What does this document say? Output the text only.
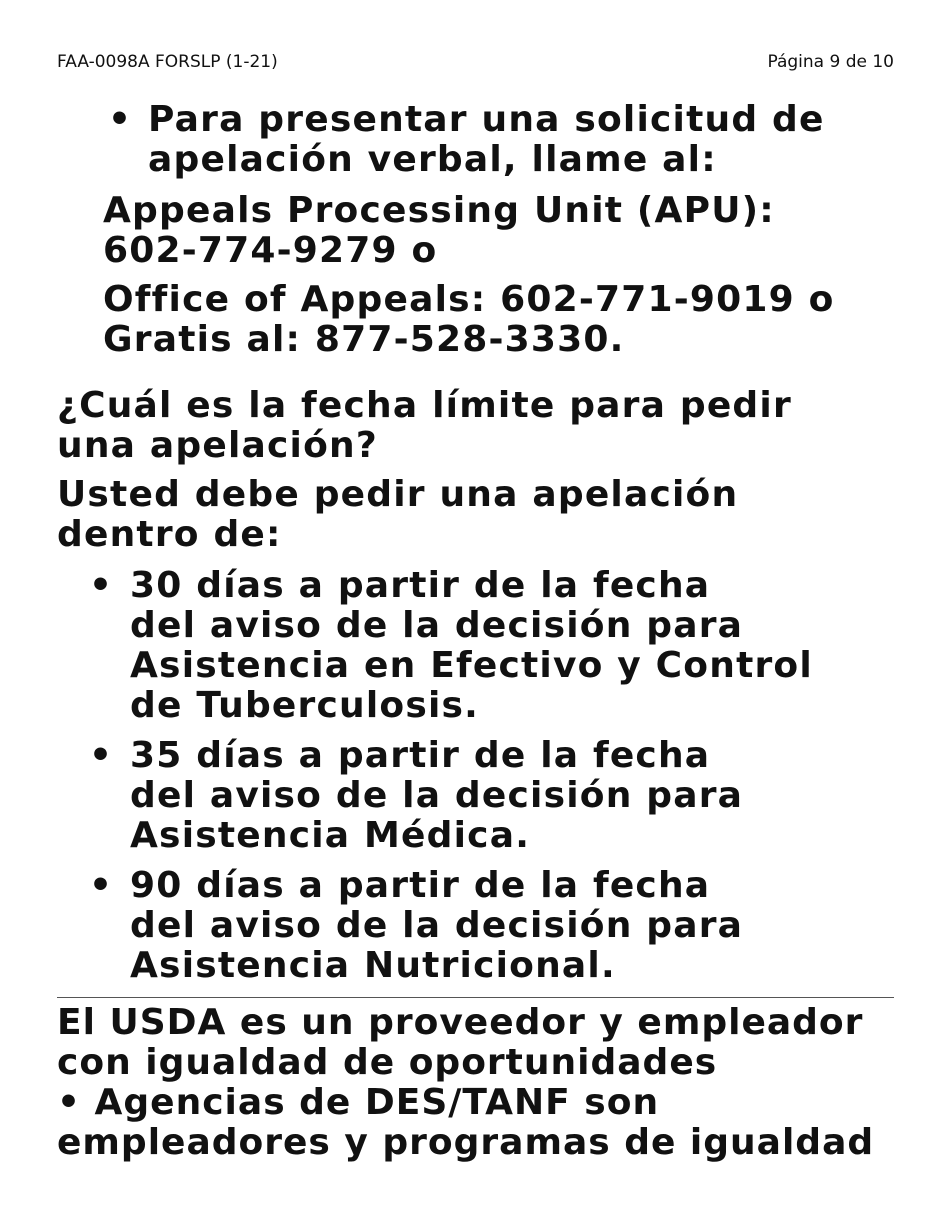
FAA-0098A FORSLP (1-21)	Página 9 de 10
• Para presentar una solicitud de
apelación verbal, llame al:
Appeals Processing Unit (APU):
602-774-9279 o
Office of Appeals: 602-771-9019 o
Gratis al: 877-528-3330.
¿Cuál es la fecha límite para pedir
una apelación?
Usted debe pedir una apelación
dentro de:
• 30 días a partir de la fecha
del aviso de la decisión para
Asistencia en Efectivo y Control
de Tuberculosis.
• 35 días a partir de la fecha
del aviso de la decisión para
Asistencia Médica.
• 90 días a partir de la fecha
del aviso de la decisión para
Asistencia Nutricional.
El USDA es un proveedor y empleador
con igualdad de oportunidades
• Agencias de DES/TANF son
empleadores y programas de igualdad
